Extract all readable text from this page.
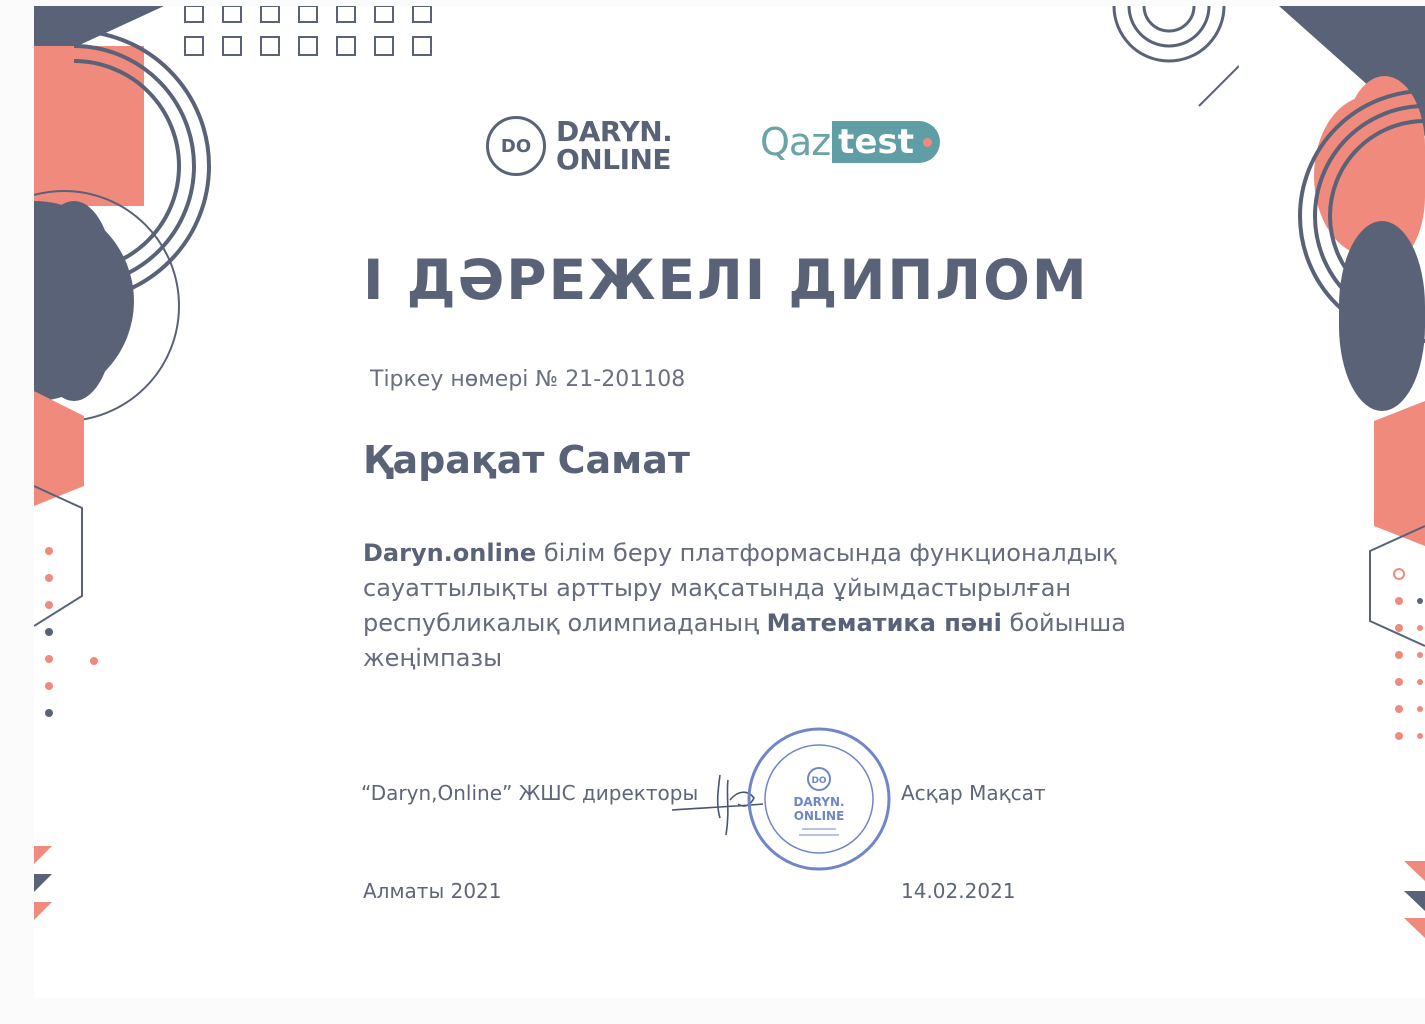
DO DARYN.
ONLINE Qaz test
I ДӘРЕЖЕЛІ ДИПЛОМ
Тіркеу нөмері № 21-201108
Қарақат Самат
Daryn.online білім беру платформасында функционалдық сауаттылықты арттыру мақсатында ұйымдастырылған республикалық олимпиаданың Математика пәні бойынша жеңімпазы
“Daryn,Online” ЖШС директоры	DO
DARYN.
ONLINE
Асқар Мақсат
Алматы 2021	14.02.2021
